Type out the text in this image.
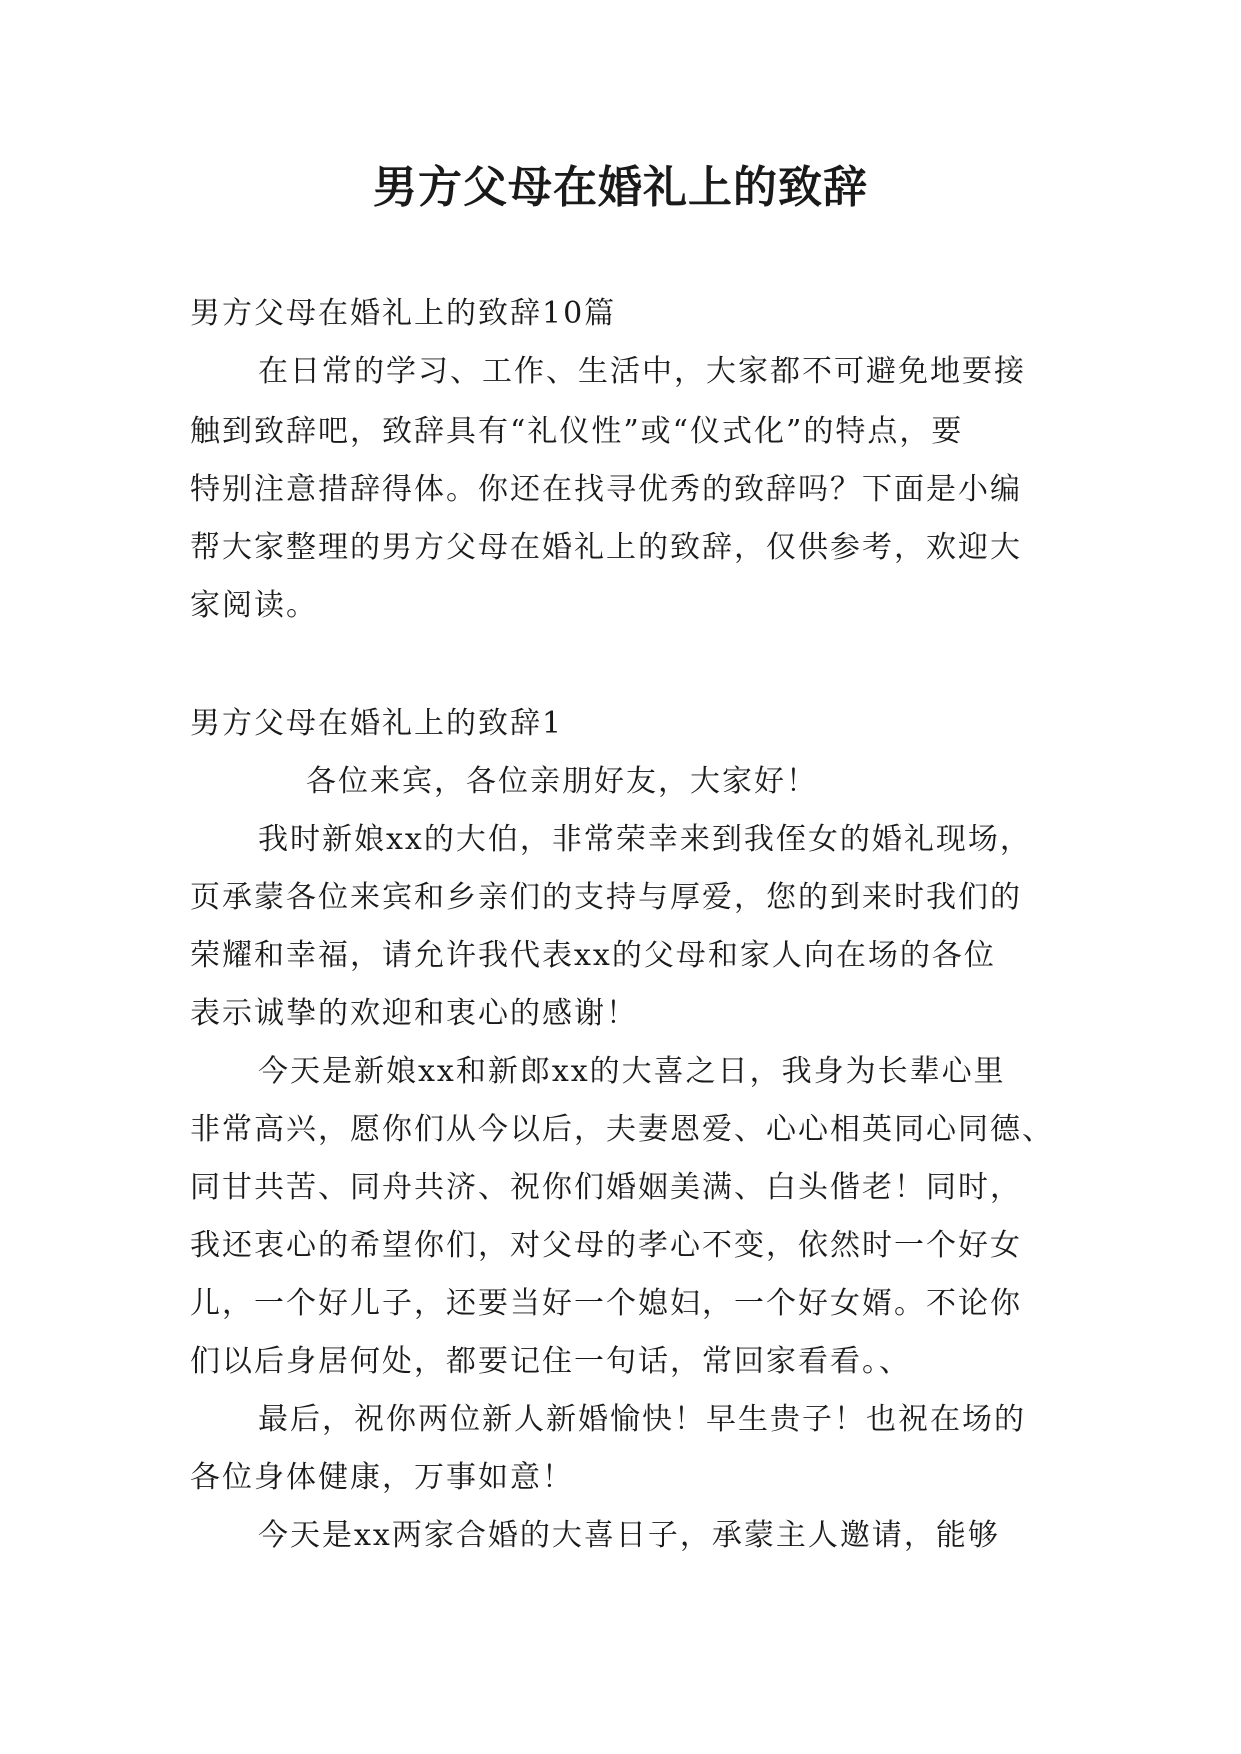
男方父母在婚礼上的致辞
男方父母在婚礼上的致辞10篇
在日常的学习、工作、生活中，大家都不可避免地要接
触到致辞吧，致辞具有“礼仪性”或“仪式化”的特点，要
特别注意措辞得体。你还在找寻优秀的致辞吗？下面是小编
帮大家整理的男方父母在婚礼上的致辞，仅供参考，欢迎大
家阅读。
男方父母在婚礼上的致辞1
各位来宾，各位亲朋好友，大家好！
我时新娘xx的大伯，非常荣幸来到我侄女的婚礼现场，
页承蒙各位来宾和乡亲们的支持与厚爱，您的到来时我们的
荣耀和幸福，请允许我代表xx的父母和家人向在场的各位
表示诚挚的欢迎和衷心的感谢！
今天是新娘xx和新郎xx的大喜之日，我身为长辈心里
非常高兴，愿你们从今以后，夫妻恩爱、心心相英同心同德、
同甘共苦、同舟共济、祝你们婚姻美满、白头偕老！同时，
我还衷心的希望你们，对父母的孝心不变，依然时一个好女
儿，一个好儿子，还要当好一个媳妇，一个好女婿。不论你
们以后身居何处，都要记住一句话，常回家看看。、
最后，祝你两位新人新婚愉快！早生贵子！也祝在场的
各位身体健康，万事如意！
今天是xx两家合婚的大喜日子，承蒙主人邀请，能够
